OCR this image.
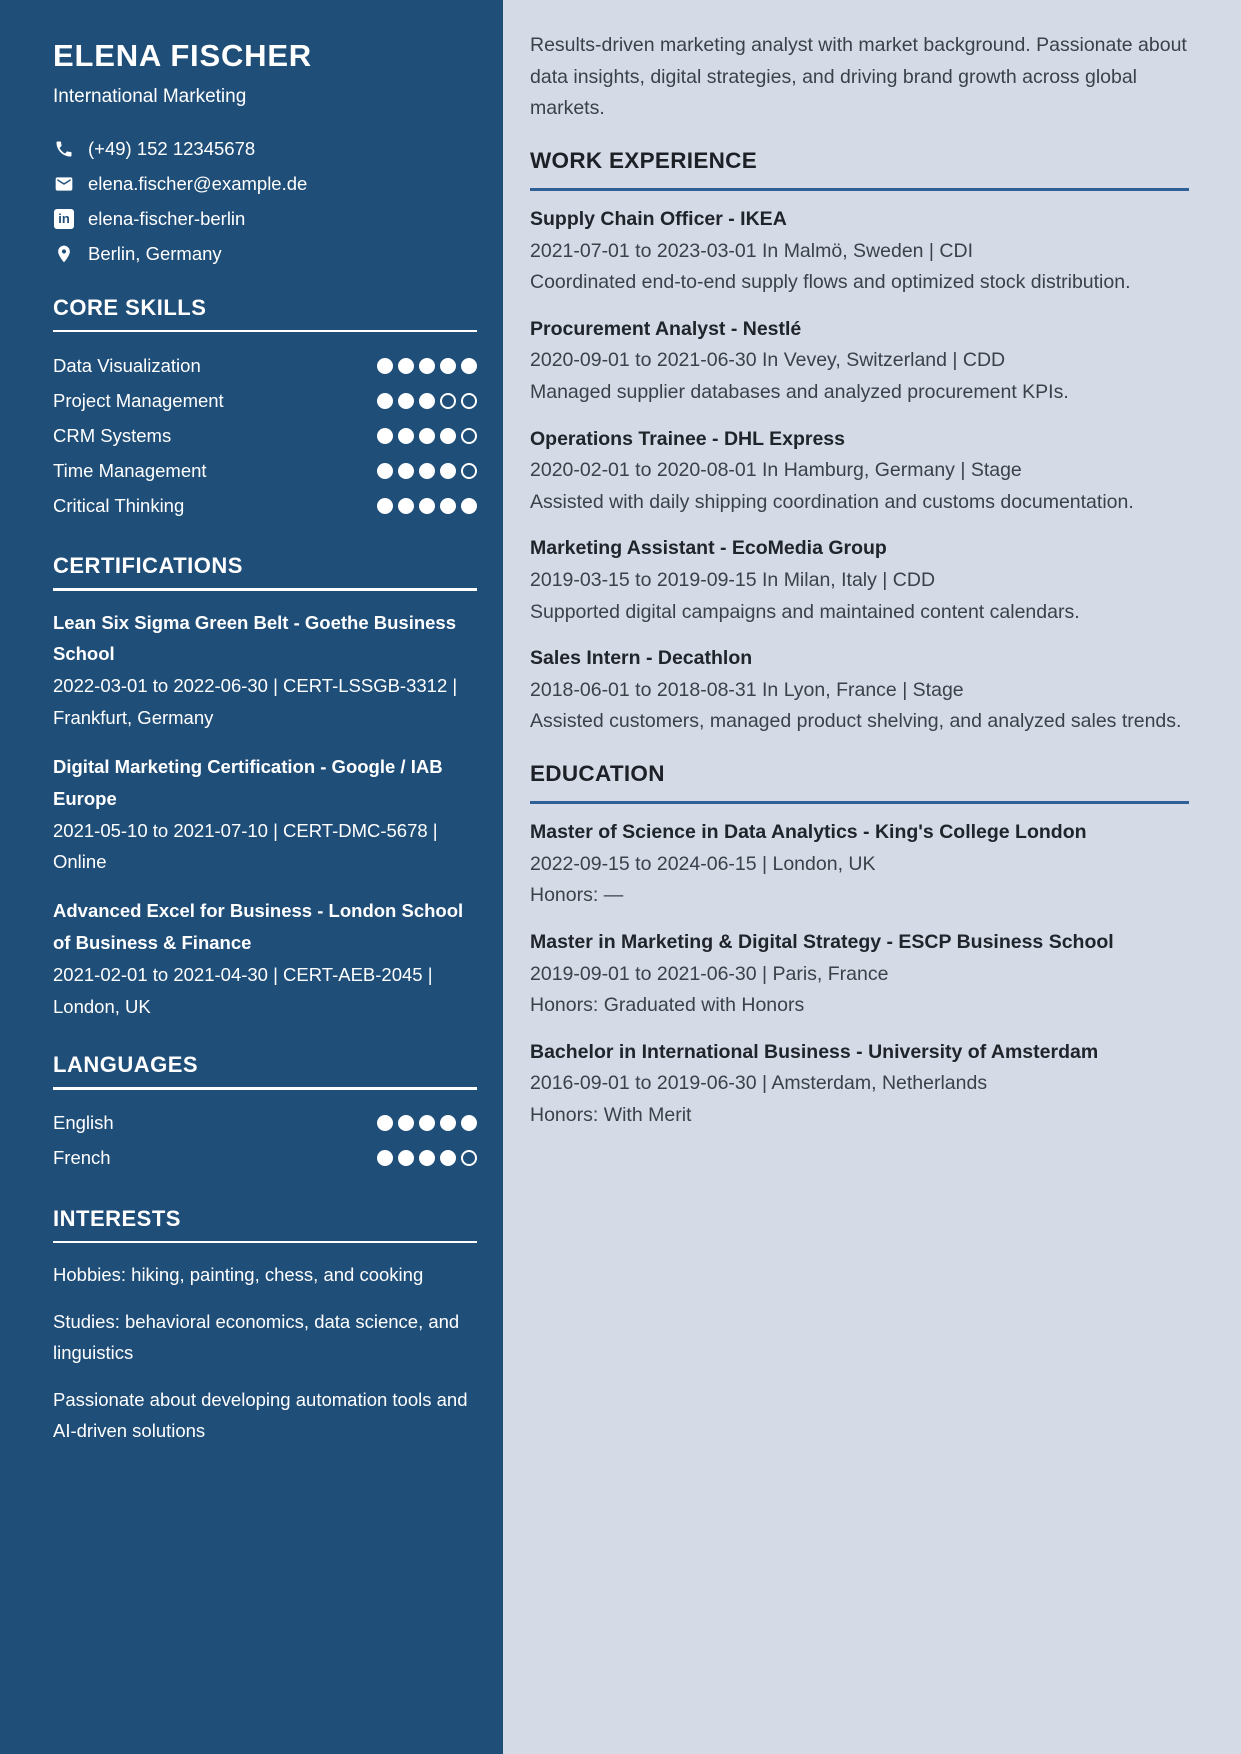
ELENA FISCHER
International Marketing
(+49) 152 12345678
elena.fischer@example.de
in elena-fischer-berlin
Berlin, Germany
CORE SKILLS
Data Visualization
Project Management
CRM Systems
Time Management
Critical Thinking
CERTIFICATIONS
Lean Six Sigma Green Belt - Goethe Business School
2022-03-01 to 2022-06-30 | CERT-LSSGB-3312 | Frankfurt, Germany
Digital Marketing Certification - Google / IAB Europe
2021-05-10 to 2021-07-10 | CERT-DMC-5678 | Online
Advanced Excel for Business - London School of Business & Finance
2021-02-01 to 2021-04-30 | CERT-AEB-2045 | London, UK
LANGUAGES
English
French
INTERESTS

Hobbies: hiking, painting, chess, and cooking

Studies: behavioral economics, data science, and linguistics

Passionate about developing automation tools and AI-driven solutions

Results-driven marketing analyst with market background. Passionate about data insights, digital strategies, and driving brand growth across global markets.

WORK EXPERIENCE
Supply Chain Officer - IKEA
2021-07-01 to 2023-03-01 In Malmö, Sweden | CDI
Coordinated end-to-end supply flows and optimized stock distribution.
Procurement Analyst - Nestlé
2020-09-01 to 2021-06-30 In Vevey, Switzerland | CDD
Managed supplier databases and analyzed procurement KPIs.
Operations Trainee - DHL Express
2020-02-01 to 2020-08-01 In Hamburg, Germany | Stage
Assisted with daily shipping coordination and customs documentation.
Marketing Assistant - EcoMedia Group
2019-03-15 to 2019-09-15 In Milan, Italy | CDD
Supported digital campaigns and maintained content calendars.
Sales Intern - Decathlon
2018-06-01 to 2018-08-31 In Lyon, France | Stage
Assisted customers, managed product shelving, and analyzed sales trends.
EDUCATION
Master of Science in Data Analytics - King's College London
2022-09-15 to 2024-06-15 | London, UK
Honors: —
Master in Marketing & Digital Strategy - ESCP Business School
2019-09-01 to 2021-06-30 | Paris, France
Honors: Graduated with Honors
Bachelor in International Business - University of Amsterdam
2016-09-01 to 2019-06-30 | Amsterdam, Netherlands
Honors: With Merit
